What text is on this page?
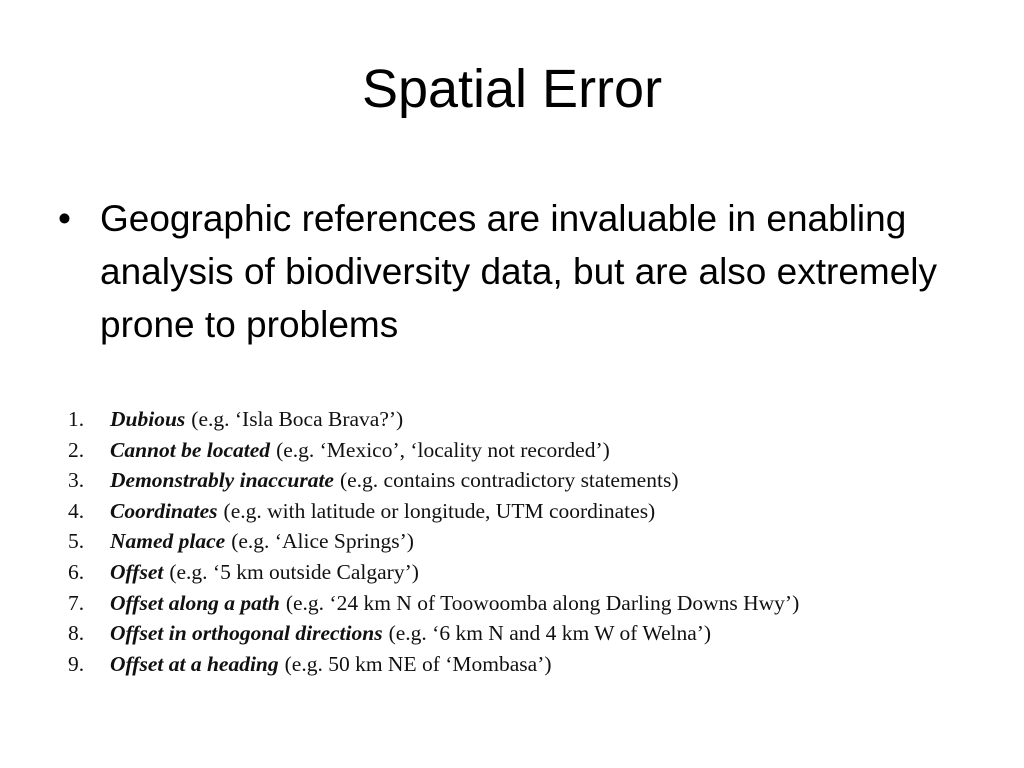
Spatial Error
• Geographic references are invaluable in enabling analysis of biodiversity data, but are also extremely prone to problems
1.	Dubious (e.g. ‘Isla Boca Brava?’)
2.	Cannot be located (e.g. ‘Mexico’, ‘locality not recorded’)
3.	Demonstrably inaccurate (e.g. contains contradictory statements)
4.	Coordinates (e.g. with latitude or longitude, UTM coordinates)
5.	Named place (e.g. ‘Alice Springs’)
6.	Offset (e.g. ‘5 km outside Calgary’)
7.	Offset along a path (e.g. ‘24 km N of Toowoomba along Darling Downs Hwy’)
8.	Offset in orthogonal directions (e.g. ‘6 km N and 4 km W of Welna’)
9.	Offset at a heading (e.g. 50 km NE of ‘Mombasa’)
